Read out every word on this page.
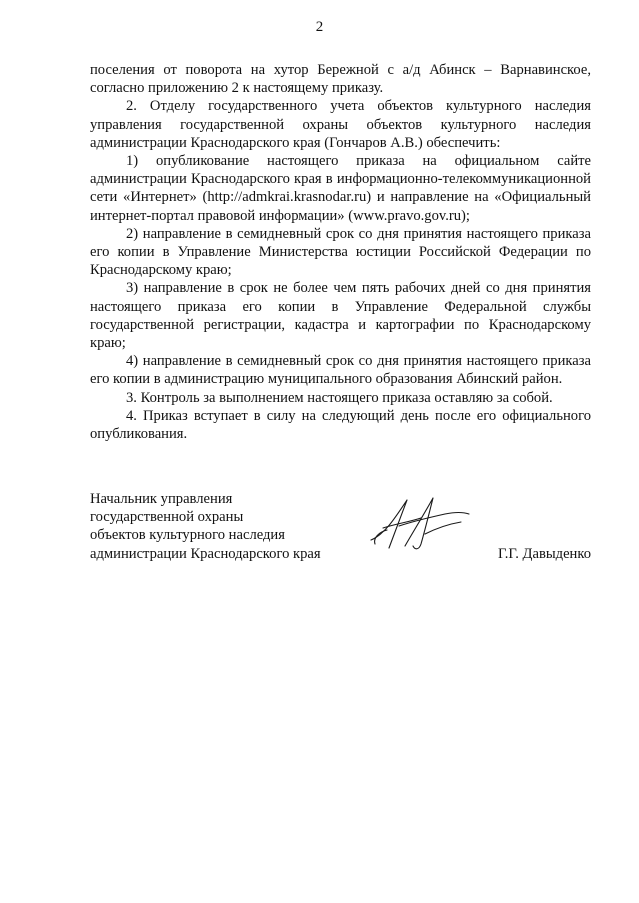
2

поселения от поворота на хутор Бережной с а/д Абинск – Варнавинское, согласно приложению 2 к настоящему приказу.

2. Отделу государственного учета объектов культурного наследия управления государственной охраны объектов культурного наследия администрации Краснодарского края (Гончаров А.В.) обеспечить:

1) опубликование настоящего приказа на официальном сайте администрации Краснодарского края в информационно-телекоммуникационной сети «Интернет» (http://admkrai.krasnodar.ru) и направление на «Официальный интернет-портал правовой информации» (www.pravo.gov.ru);

2) направление в семидневный срок со дня принятия настоящего приказа его копии в Управление Министерства юстиции Российской Федерации по Краснодарскому краю;

3) направление в срок не более чем пять рабочих дней со дня принятия настоящего приказа его копии в Управление Федеральной службы государственной регистрации, кадастра и картографии по Краснодарскому краю;

4) направление в семидневный срок со дня принятия настоящего приказа его копии в администрацию муниципального образования Абинский район.

3. Контроль за выполнением настоящего приказа оставляю за собой.

4. Приказ вступает в силу на следующий день после его официального опубликования.

Начальник управления
государственной охраны
объектов культурного наследия
администрации Краснодарского края	Г.Г. Давыденко
